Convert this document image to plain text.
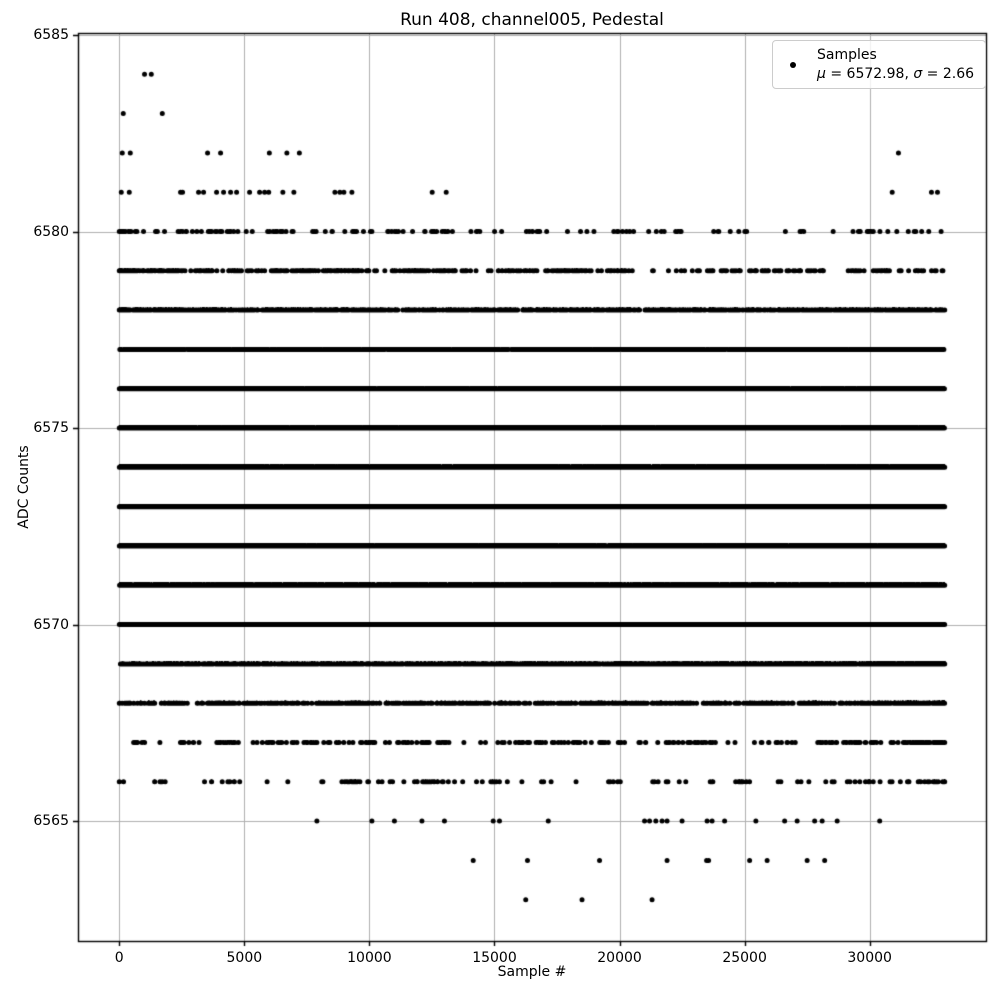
Run 408, channel005, Pedestal
Sample #
ADC Counts
0	5000	10000	15000	20000	25000	30000
6565
6570
6575
6580
6585
Samples
μ = 6572.98, σ = 2.66
